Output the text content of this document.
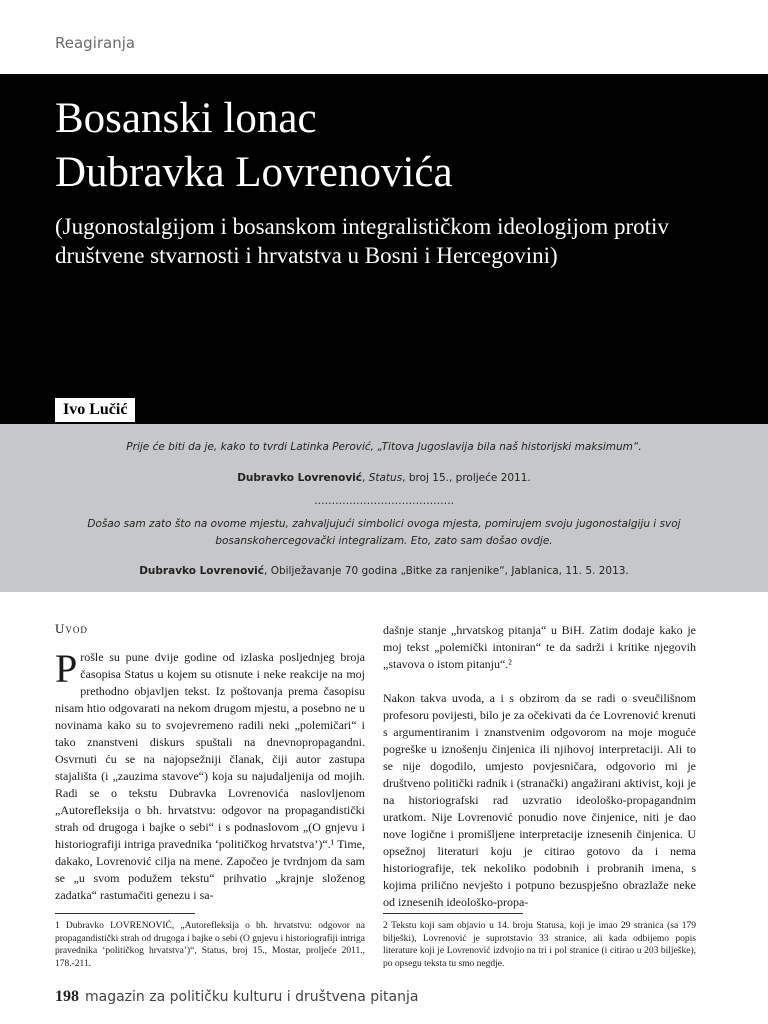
Reagiranja
Bosanski lonac
Dubravka Lovrenovića

(Jugonostalgijom i bosanskom integralističkom ideologijom protiv društvene stvarnosti i hrvatstva u Bosni i Hercegovini)

Ivo Lučić

Prije će biti da je, kako to tvrdi Latinka Perović, „Titova Jugoslavija bila naš historijski maksimum“.

Dubravko Lovrenović, Status, broj 15., proljeće 2011.

………………………………….

Došao sam zato što na ovome mjestu, zahvaljujući simbolici ovoga mjesta, pomirujem svoju jugonostalgiju i svoj bosanskohercegovački integralizam. Eto, zato sam došao ovdje.

Dubravko Lovrenović, Obilježavanje 70 godina „Bitke za ranjenike“, Jablanica, 11. 5. 2013.

Uvod

Prošle su pune dvije godine od izlaska posljednjeg broja časopisa Status u kojem su otisnute i neke reakcije na moj prethodno objavljen tekst. Iz poštovanja prema časopisu nisam htio odgovarati na nekom drugom mjestu, a posebno ne u novinama kako su to svojevremeno radili neki „polemičari“ i tako znanstveni diskurs spuštali na dnevnopropagandni. Osvrnuti ću se na najopsežniji članak, čiji autor zastupa stajališta (i „zauzima stavove“) koja su najudaljenija od mojih. Radi se o tekstu Dubravka Lovrenovića naslovljenom „Autorefleksija o bh. hrvatstvu: odgovor na propagandistički strah od drugoga i bajke o sebi“ i s podnaslovom „(O gnjevu i historiografiji intriga pravednika ‘političkog hrvatstva’)“.¹ Time, dakako, Lovrenović cilja na mene. Započeo je tvrdnjom da sam se „u svom podužem tekstu“ prihvatio „krajnje složenog zadatka“ rastumačiti genezu i sa-

dašnje stanje „hrvatskog pitanja“ u BiH. Zatim dodaje kako je moj tekst „polemički intoniran“ te da sadrži i kritike njegovih „stavova o istom pitanju“.²

Nakon takva uvoda, a i s obzirom da se radi o sveučilišnom profesoru povijesti, bilo je za očekivati da će Lovrenović krenuti s argumentiranim i znanstvenim odgovorom na moje moguće pogreške u iznošenju činjenica ili njihovoj interpretaciji. Ali to se nije dogodilo, umjesto povjesničara, odgovorio mi je društveno politički radnik i (stranački) angažirani aktivist, koji je na historiografski rad uzvratio ideološko-propagandnim uratkom. Nije Lovrenović ponudio nove činjenice, niti je dao nove logične i promišljene interpretacije iznesenih činjenica. U opsežnoj literaturi koju je citirao gotovo da i nema historiografije, tek nekoliko podobnih i probranih imena, s kojima prilično nevješto i potpuno bezuspješno obrazlaže neke od iznesenih ideološko-propa-

1 Dubravko LOVRENOVIĆ, „Autorefleksija o bh. hrvatstvu: odgovor na propagandistički strah od drugoga i bajke o sebi (O gnjevu i historiografiji intriga pravednika ‘političkog hrvatstva’)“, Status, broj 15., Mostar, proljeće 2011., 178.-211.
2 Tekstu koji sam objavio u 14. broju Statusa, koji je imao 29 stranica (sa 179 bilješki), Lovrenović je suprotstavio 33 stranice, ali kada odbijemo popis literature koji je Lovrenović izdvojio na tri i pol stranice (i citirao u 203 bilješke), po opsegu teksta tu smo negdje.
198 magazin za političku kulturu i društvena pitanja
